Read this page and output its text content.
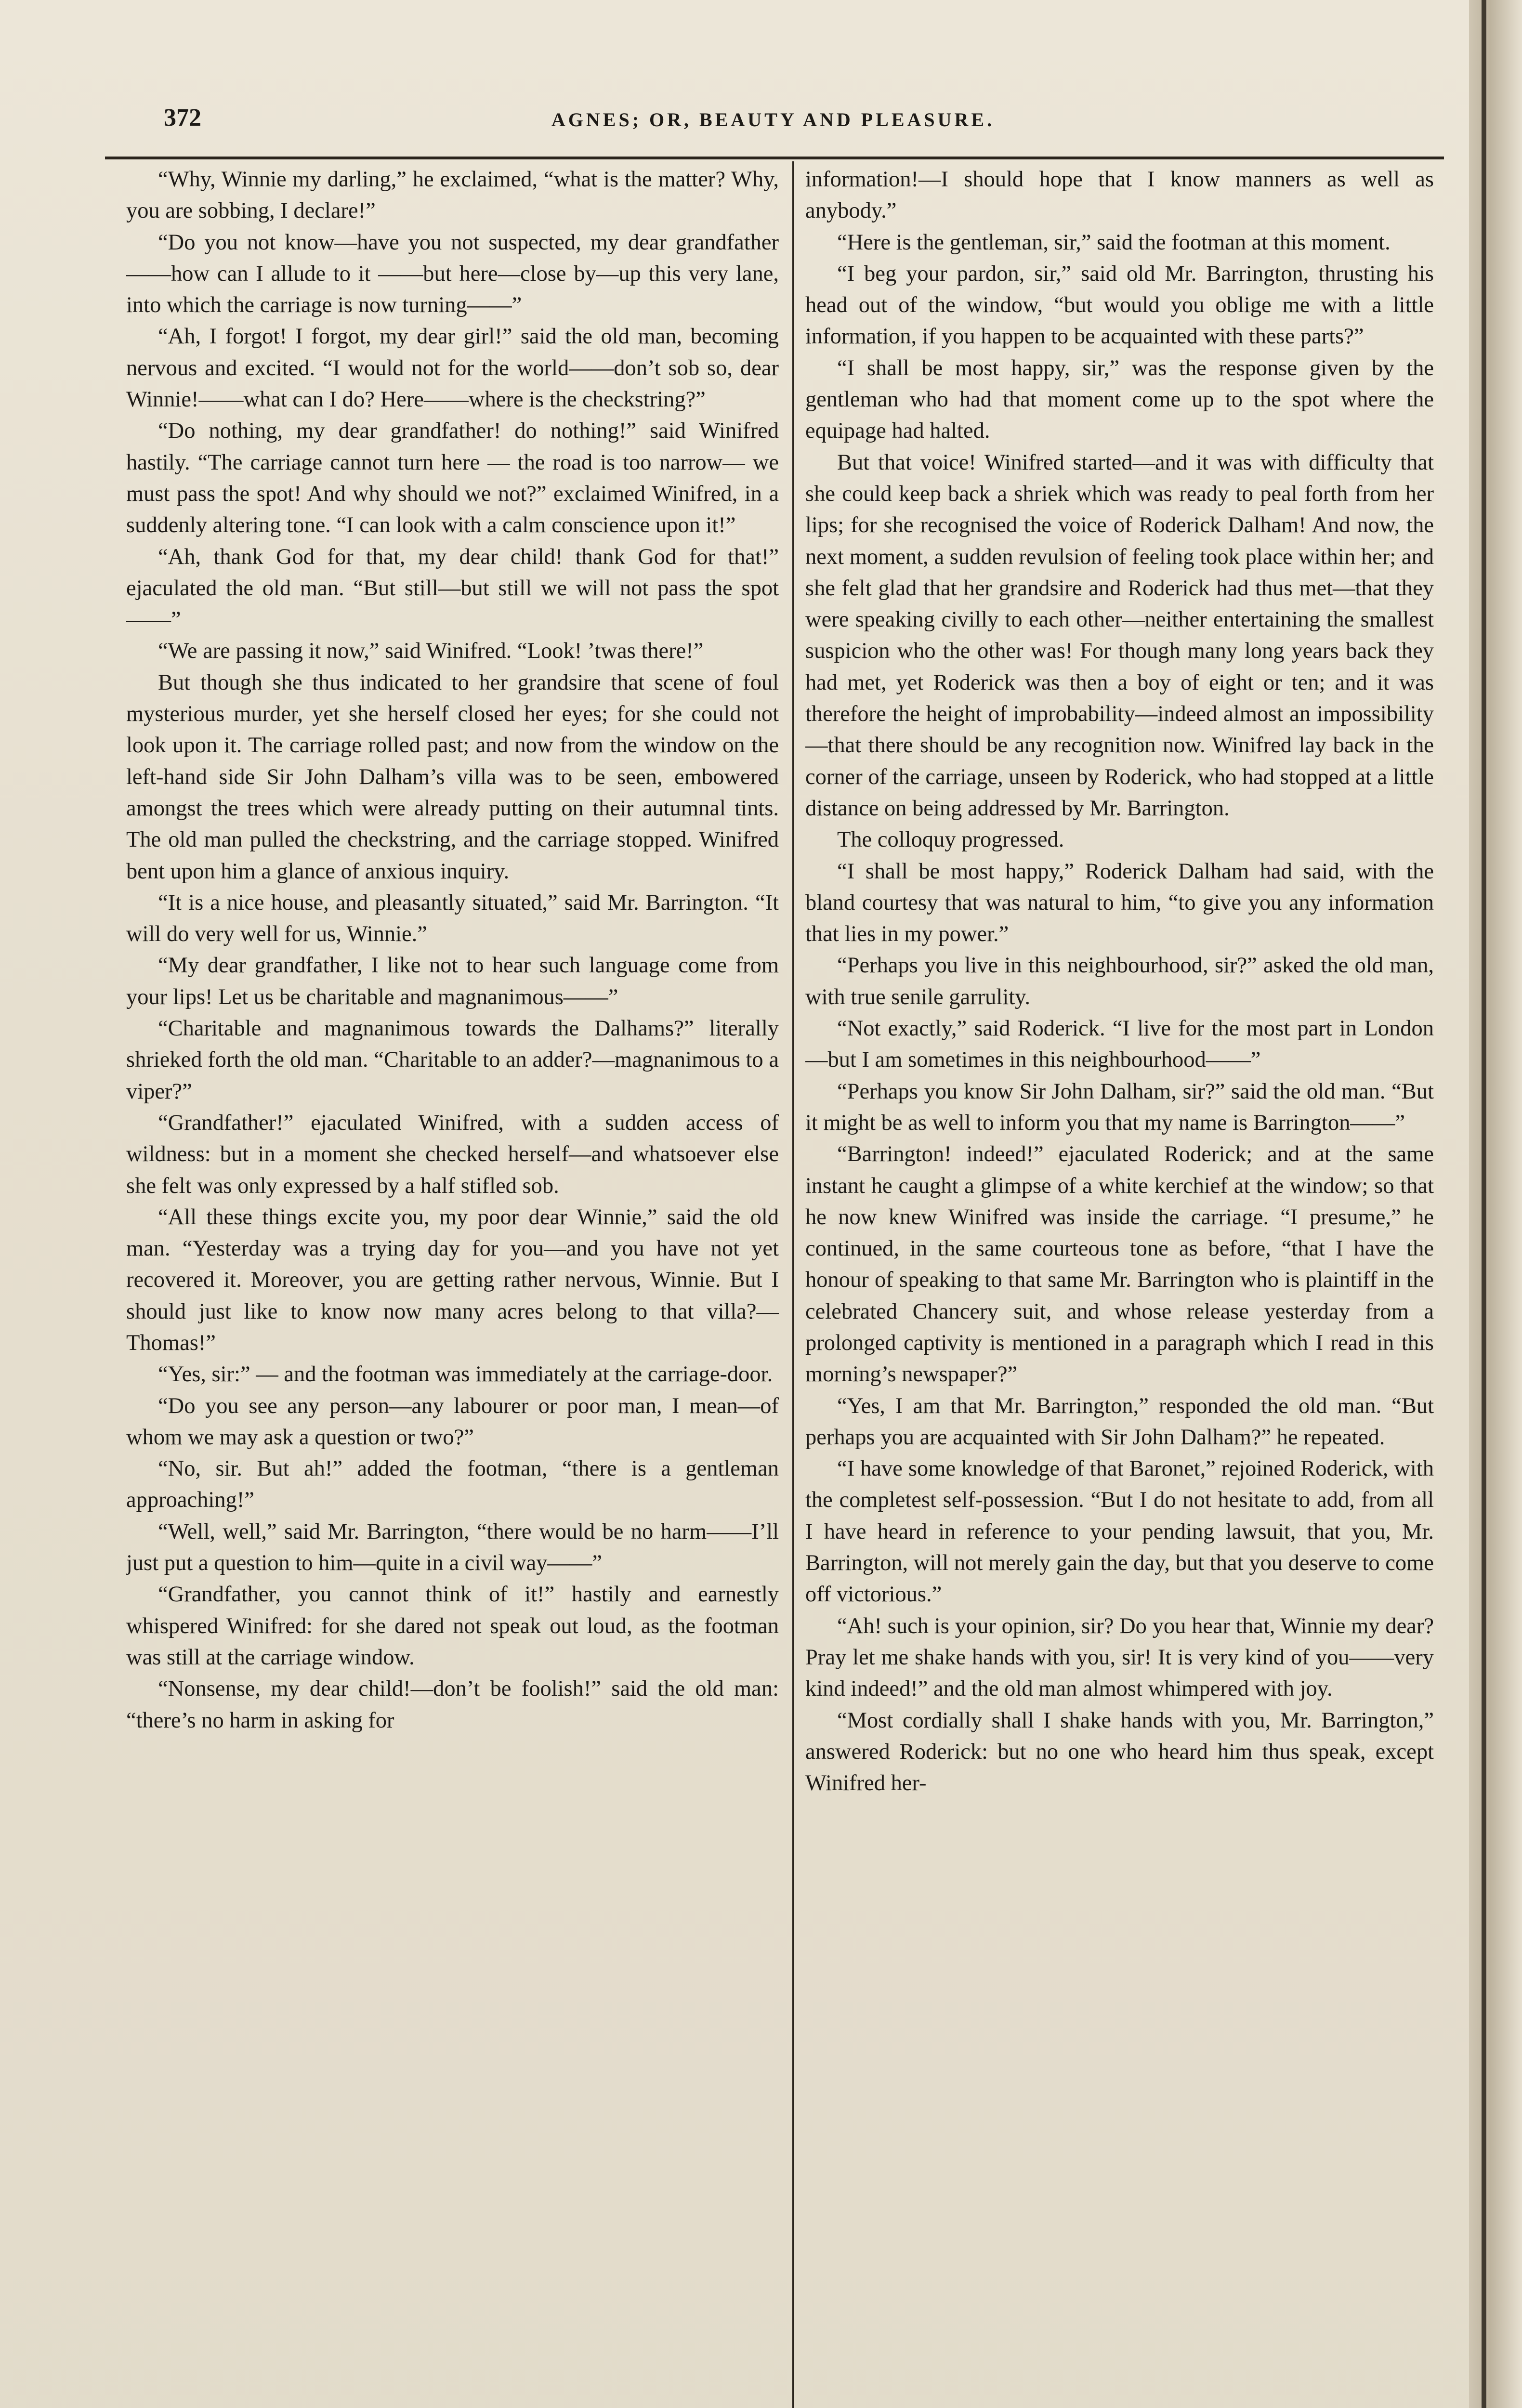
372	AGNES; OR, BEAUTY AND PLEASURE.

“Why, Winnie my darling,” he exclaimed, “what is the matter? Why, you are sobbing, I declare!”

“Do you not know—have you not suspected, my dear grandfather——how can I allude to it ——but here—close by—up this very lane, into which the carriage is now turning——”

“Ah, I forgot! I forgot, my dear girl!” said the old man, becoming nervous and excited. “I would not for the world——don’t sob so, dear Winnie!——what can I do? Here——where is the checkstring?”

“Do nothing, my dear grandfather! do nothing!” said Winifred hastily. “The carriage cannot turn here — the road is too narrow— we must pass the spot! And why should we not?” exclaimed Winifred, in a suddenly altering tone. “I can look with a calm conscience upon it!”

“Ah, thank God for that, my dear child! thank God for that!” ejaculated the old man. “But still—but still we will not pass the spot——”

“We are passing it now,” said Winifred. “Look! ’twas there!”

But though she thus indicated to her grandsire that scene of foul mysterious murder, yet she herself closed her eyes; for she could not look upon it. The carriage rolled past; and now from the window on the left-hand side Sir John Dalham’s villa was to be seen, embowered amongst the trees which were already putting on their autumnal tints. The old man pulled the checkstring, and the carriage stopped. Winifred bent upon him a glance of anxious inquiry.

“It is a nice house, and pleasantly situated,” said Mr. Barrington. “It will do very well for us, Winnie.”

“My dear grandfather, I like not to hear such language come from your lips! Let us be charitable and magnanimous——”

“Charitable and magnanimous towards the Dalhams?” literally shrieked forth the old man. “Charitable to an adder?—magnanimous to a viper?”

“Grandfather!” ejaculated Winifred, with a sudden access of wildness: but in a moment she checked herself—and whatsoever else she felt was only expressed by a half stifled sob.

“All these things excite you, my poor dear Winnie,” said the old man. “Yesterday was a trying day for you—and you have not yet recovered it. Moreover, you are getting rather nervous, Winnie. But I should just like to know now many acres belong to that villa?—Thomas!”

“Yes, sir:” — and the footman was immediately at the carriage-door.

“Do you see any person—any labourer or poor man, I mean—of whom we may ask a question or two?”

“No, sir. But ah!” added the footman, “there is a gentleman approaching!”

“Well, well,” said Mr. Barrington, “there would be no harm——I’ll just put a question to him—quite in a civil way——”

“Grandfather, you cannot think of it!” hastily and earnestly whispered Winifred: for she dared not speak out loud, as the footman was still at the carriage window.

“Nonsense, my dear child!—don’t be foolish!” said the old man: “there’s no harm in asking for

information!—I should hope that I know manners as well as anybody.”

“Here is the gentleman, sir,” said the footman at this moment.

“I beg your pardon, sir,” said old Mr. Barrington, thrusting his head out of the window, “but would you oblige me with a little information, if you happen to be acquainted with these parts?”

“I shall be most happy, sir,” was the response given by the gentleman who had that moment come up to the spot where the equipage had halted.

But that voice! Winifred started—and it was with difficulty that she could keep back a shriek which was ready to peal forth from her lips; for she recognised the voice of Roderick Dalham! And now, the next moment, a sudden revulsion of feeling took place within her; and she felt glad that her grandsire and Roderick had thus met—that they were speaking civilly to each other—neither entertaining the smallest suspicion who the other was! For though many long years back they had met, yet Roderick was then a boy of eight or ten; and it was therefore the height of improbability—indeed almost an impossibility—that there should be any recognition now. Winifred lay back in the corner of the carriage, unseen by Roderick, who had stopped at a little distance on being addressed by Mr. Barrington.

The colloquy progressed.

“I shall be most happy,” Roderick Dalham had said, with the bland courtesy that was natural to him, “to give you any information that lies in my power.”

“Perhaps you live in this neighbourhood, sir?” asked the old man, with true senile garrulity.

“Not exactly,” said Roderick. “I live for the most part in London—but I am sometimes in this neighbourhood——”

“Perhaps you know Sir John Dalham, sir?” said the old man. “But it might be as well to inform you that my name is Barrington——”

“Barrington! indeed!” ejaculated Roderick; and at the same instant he caught a glimpse of a white kerchief at the window; so that he now knew Winifred was inside the carriage. “I presume,” he continued, in the same courteous tone as before, “that I have the honour of speaking to that same Mr. Barrington who is plaintiff in the celebrated Chancery suit, and whose release yesterday from a prolonged captivity is mentioned in a paragraph which I read in this morning’s newspaper?”

“Yes, I am that Mr. Barrington,” responded the old man. “But perhaps you are acquainted with Sir John Dalham?” he repeated.

“I have some knowledge of that Baronet,” rejoined Roderick, with the completest self-possession. “But I do not hesitate to add, from all I have heard in reference to your pending lawsuit, that you, Mr. Barrington, will not merely gain the day, but that you deserve to come off victorious.”

“Ah! such is your opinion, sir? Do you hear that, Winnie my dear? Pray let me shake hands with you, sir! It is very kind of you——very kind indeed!” and the old man almost whimpered with joy.

“Most cordially shall I shake hands with you, Mr. Barrington,” answered Roderick: but no one who heard him thus speak, except Winifred her-
